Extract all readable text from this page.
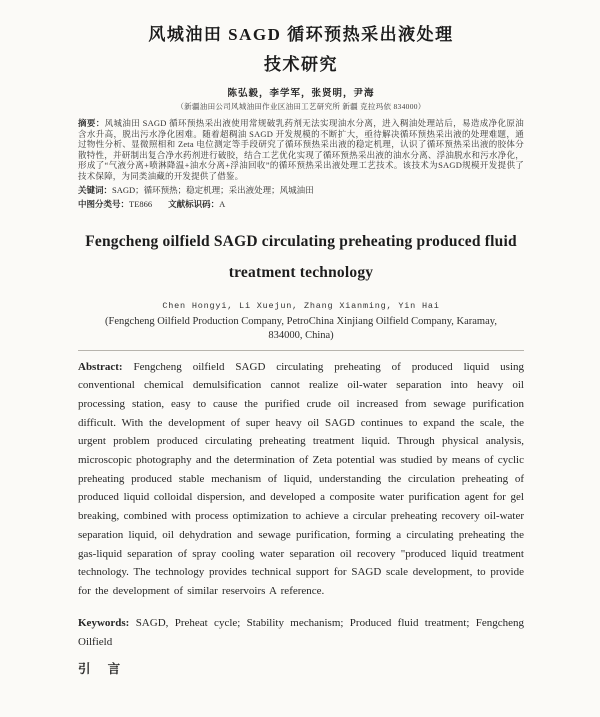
风城油田 SAGD 循环预热采出液处理
技术研究
陈弘毅，李学军，张贤明，尹海
（新疆油田公司风城油田作业区油田工艺研究所 新疆 克拉玛依 834000）

摘要：风城油田 SAGD 循环预热采出液使用常规破乳药剂无法实现油水分离，进入稠油处理站后，易造成净化原油含水升高，脱出污水净化困难。随着超稠油 SAGD 开发规模的不断扩大，亟待解决循环预热采出液的处理难题，通过物性分析、显微照相和 Zeta 电位测定等手段研究了循环预热采出液的稳定机理，认识了循环预热采出液的胶体分散特性，并研制出复合净水药剂进行破胶，结合工艺优化实现了循环预热采出液的油水分离、浮油脱水和污水净化，形成了“气液分离+喷淋降温+油水分离+浮油回收”的循环预热采出液处理工艺技术。该技术为SAGD规模开发提供了技术保障，为同类油藏的开发提供了借鉴。

关键词：SAGD；循环预热；稳定机理；采出液处理；风城油田

中图分类号：TE866 文献标识码：A

Fengcheng oilfield SAGD circulating preheating produced fluid
treatment technology
Chen Hongyi, Li Xuejun, Zhang Xianming, Yin Hai
(Fengcheng Oilfield Production Company, PetroChina Xinjiang Oilfield Company, Karamay, 834000, China)

Abstract: Fengcheng oilfield SAGD circulating preheating of produced liquid using conventional chemical demulsification cannot realize oil-water separation into heavy oil processing station, easy to cause the purified crude oil increased from sewage purification difficult. With the development of super heavy oil SAGD continues to expand the scale, the urgent problem produced circulating preheating treatment liquid. Through physical analysis, microscopic photography and the determination of Zeta potential was studied by means of cyclic preheating produced stable mechanism of liquid, understanding the circulation preheating of produced liquid colloidal dispersion, and developed a composite water purification agent for gel breaking, combined with process optimization to achieve a circular preheating recovery oil-water separation liquid, oil dehydration and sewage purification, forming a circulating preheating the gas-liquid separation of spray cooling water separation oil recovery "produced liquid treatment technology. The technology provides technical support for SAGD scale development, to provide for the development of similar reservoirs A reference.

Keywords: SAGD, Preheat cycle; Stability mechanism; Produced fluid treatment; Fengcheng Oilfield

引 言
